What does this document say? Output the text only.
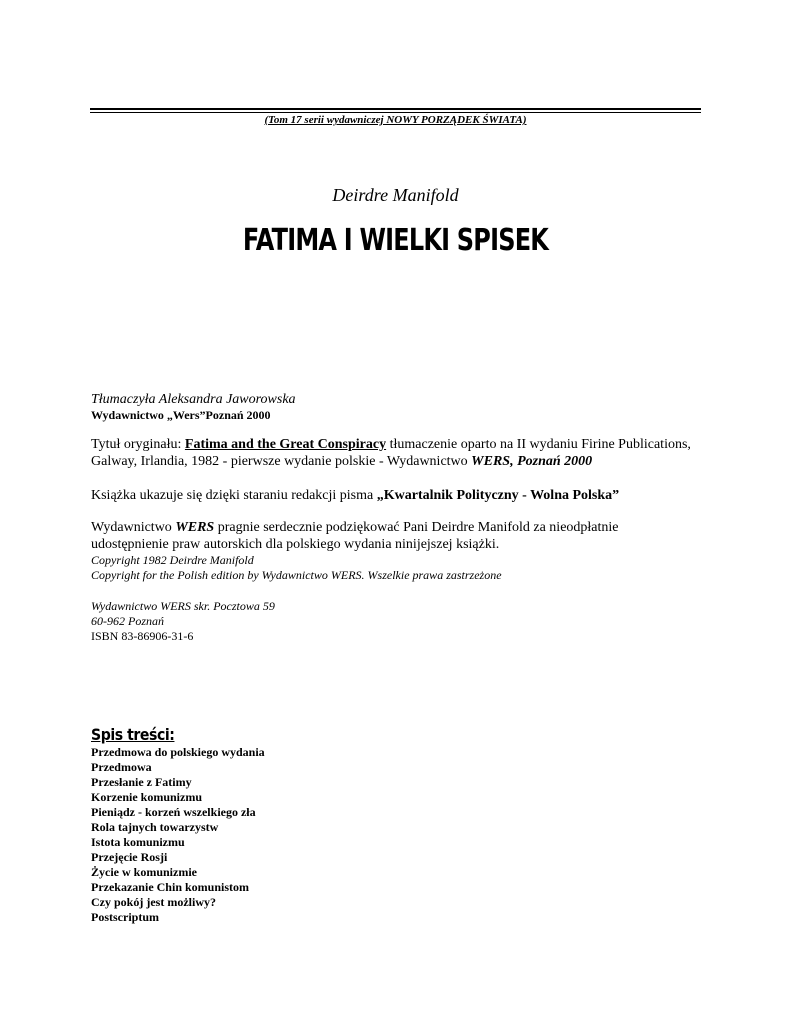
(Tom 17 serii wydawniczej NOWY PORZĄDEK ŚWIATA)
Deirdre Manifold
FATIMA I WIELKI SPISEK
Tłumaczyła Aleksandra Jaworowska
Wydawnictwo „Wers”Poznań 2000
Tytuł oryginału: Fatima and the Great Conspiracy tłumaczenie oparto na II wydaniu Firine Publications, Galway, Irlandia, 1982 - pierwsze wydanie polskie - Wydawnictwo WERS, Poznań 2000
Książka ukazuje się dzięki staraniu redakcji pisma „Kwartalnik Polityczny - Wolna Polska”
Wydawnictwo WERS pragnie serdecznie podziękować Pani Deirdre Manifold za nieodpłatnie udostępnienie praw autorskich dla polskiego wydania ninijejszej książki.
Copyright 1982 Deirdre Manifold
Copyright for the Polish edition by Wydawnictwo WERS. Wszelkie prawa zastrzeżone
Wydawnictwo WERS skr. Pocztowa 59
60-962 Poznań
ISBN 83-86906-31-6
Spis treści:
Przedmowa do polskiego wydania
Przedmowa
Przesłanie z Fatimy
Korzenie komunizmu
Pieniądz - korzeń wszelkiego zła
Rola tajnych towarzystw
Istota komunizmu
Przejęcie Rosji
Życie w komunizmie
Przekazanie Chin komunistom
Czy pokój jest możliwy?
Postscriptum
